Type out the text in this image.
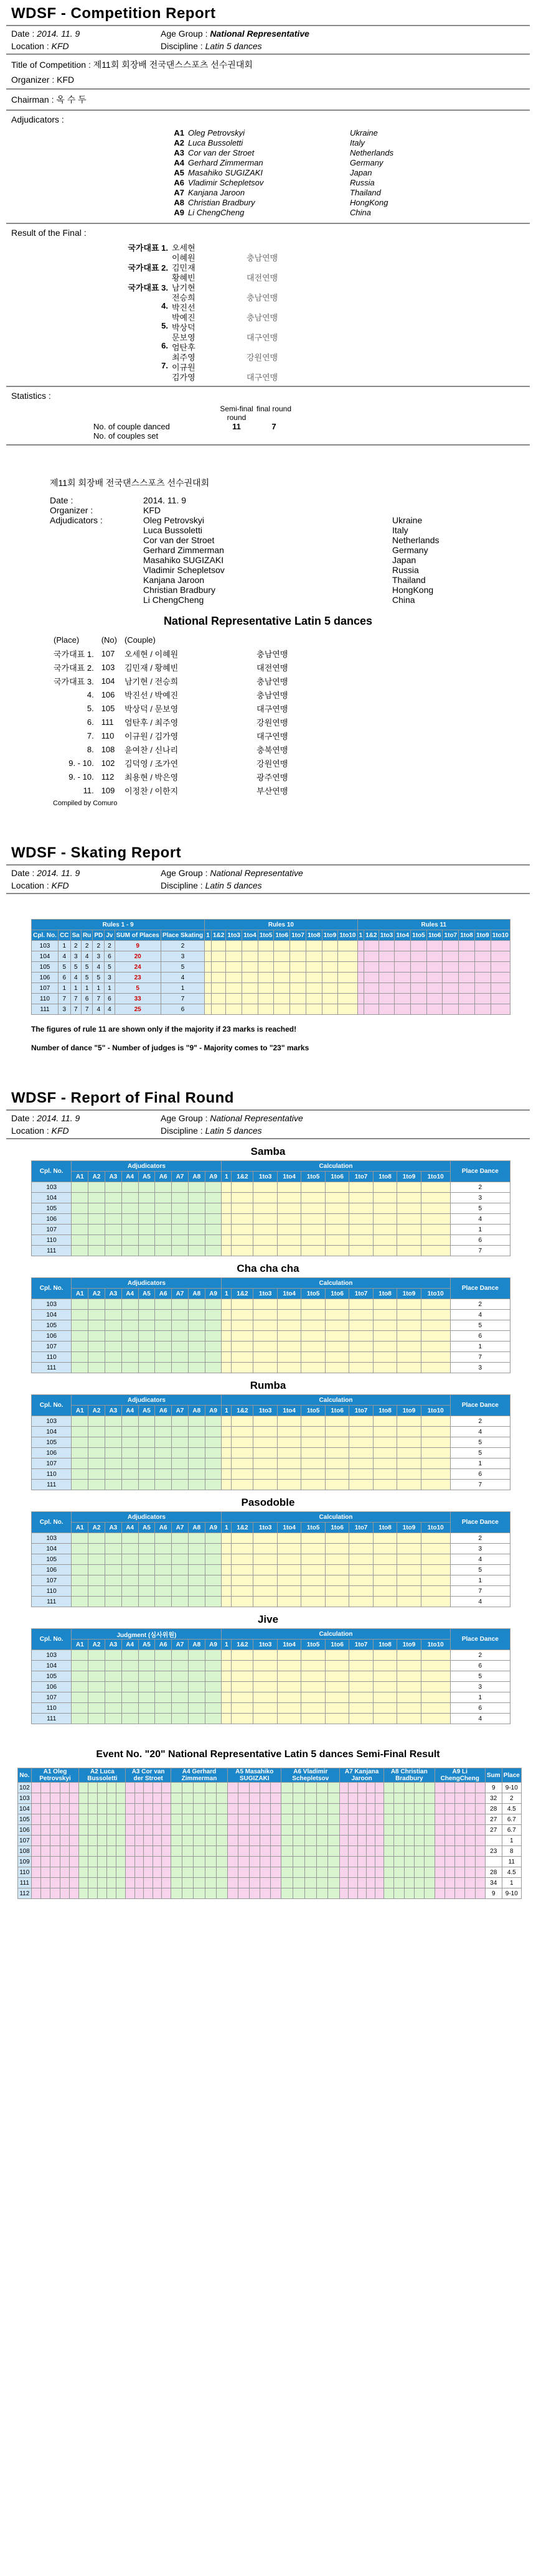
WDSF - Competition Report
Date : 2014. 11. 9	Age Group : National Representative
Location : KFD	Discipline : Latin 5 dances
Title of Competition : 제11회 회장배 전국댄스스포츠 선수권대회
Organizer : KFD
Chairman : 옥 수 두
Adjudicators :
A1 Oleg Petrovskyi	Ukraine
A2 Luca Bussoletti	Italy
A3 Cor van der Stroet	Netherlands
A4 Gerhard Zimmerman	Germany
A5 Masahiko SUGIZAKI	Japan
A6 Vladimir Schepletsov	Russia
A7 Kanjana Jaroon	Thailand
A8 Christian Bradbury	HongKong
A9 Li ChengCheng	China
Result of the Final :
국가대표 1. 오세현
이혜원	충남연맹
국가대표 2. 김민재
황혜빈	대전연맹
국가대표 3. 남기현
전승희	충남연맹
4. 박진선
박예진	충남연맹
5. 박상덕
문보영	대구연맹
6. 엄탄후
최주영	강원연맹
7. 이규원
김가영	대구연맹
Statistics :
Semi-final round
final round
No. of couple danced	11	7
No. of couples set
제11회 회장배 전국댄스스포츠 선수권대회
Date :	2014. 11. 9
Organizer :	KFD
Adjudicators :	Oleg Petrovskyi	Ukraine
Luca Bussoletti	Italy
Cor van der Stroet	Netherlands
Gerhard Zimmerman	Germany
Masahiko SUGIZAKI	Japan
Vladimir Schepletsov	Russia
Kanjana Jaroon	Thailand
Christian Bradbury	HongKong
Li ChengCheng	China
National Representative Latin 5 dances
(Place)	(No)	(Couple)	
국가대표 1.	107	오세현 / 이혜원	충남연맹
국가대표 2.	103	김민재 / 황혜빈	대전연맹
국가대표 3.	104	남기현 / 전승희	충남연맹
4.	106	박진선 / 박예진	충남연맹
5.	105	박상덕 / 문보영	대구연맹
6.	111	엄탄후 / 최주영	강원연맹
7.	110	이규원 / 김가영	대구연맹
8.	108	윤여찬 / 신나리	충북연맹
9. - 10.	102	김덕영 / 조가연	강원연맹
9. - 10.	112	최용현 / 박은영	광주연맹
11.	109	이정찬 / 이한지	부산연맹
Compiled by Comuro
WDSF - Skating Report
Date : 2014. 11. 9	Age Group : National Representative
Location : KFD	Discipline : Latin 5 dances
Rules 1 - 9								Rules 10										Rules 11									
Cpl. No.	CC	Sa	Ru	PD	Jv	SUM of Places	Place Skating	1	1&2	1to3	1to4	1to5	1to6	1to7	1to8	1to9	1to10	1	1&2	1to3	1to4	1to5	1to6	1to7	1to8	1to9	1to10
103	1	2	2	2	2	9	2																				
104	4	3	4	3	6	20	3																				
105	5	5	5	4	5	24	5																				
106	6	4	5	5	3	23	4																				
107	1	1	1	1	1	5	1																				
110	7	7	6	7	6	33	7																				
111	3	7	7	4	4	25	6																				
The figures of rule 11 are shown only if the majority if 23 marks is reached!
Number of dance "5" - Number of judges is "9" - Majority comes to "23" marks
WDSF - Report of Final Round
Date : 2014. 11. 9	Age Group : National Representative
Location : KFD	Discipline : Latin 5 dances
Samba
Cpl. No.	Adjudicators									Calculation										Place Dance
	A1	A2	A3	A4	A5	A6	A7	A8	A9	1	1&2	1to3	1to4	1to5	1to6	1to7	1to8	1to9	1to10	
103																				2
104																				3
105																				5
106																				4
107																				1
110																				6
111																				7
Cha cha cha
Cpl. No.	Adjudicators									Calculation										Place Dance
	A1	A2	A3	A4	A5	A6	A7	A8	A9	1	1&2	1to3	1to4	1to5	1to6	1to7	1to8	1to9	1to10	
103																				2
104																				4
105																				5
106																				6
107																				1
110																				7
111																				3
Rumba
Cpl. No.	Adjudicators									Calculation										Place Dance
	A1	A2	A3	A4	A5	A6	A7	A8	A9	1	1&2	1to3	1to4	1to5	1to6	1to7	1to8	1to9	1to10	
103																				2
104																				4
105																				5
106																				5
107																				1
110																				6
111																				7
Pasodoble
Cpl. No.	Adjudicators									Calculation										Place Dance
	A1	A2	A3	A4	A5	A6	A7	A8	A9	1	1&2	1to3	1to4	1to5	1to6	1to7	1to8	1to9	1to10	
103																				2
104																				3
105																				4
106																				5
107																				1
110																				7
111																				4
Jive
Cpl. No.	Judgment (심사위원)									Calculation										Place Dance
	A1	A2	A3	A4	A5	A6	A7	A8	A9	1	1&2	1to3	1to4	1to5	1to6	1to7	1to8	1to9	1to10	
103																				2
104																				6
105																				5
106																				3
107																				1
110																				6
111																				4
Event No. "20" National Representative Latin 5 dances Semi-Final Result
No.	A1 Oleg Petrovskyi					A2 Luca Bussoletti					A3 Cor van der Stroet					A4 Gerhard Zimmerman					A5 Masahiko SUGIZAKI					A6 Vladimir Schepletsov					A7 Kanjana Jaroon					A8 Christian Bradbury					A9 Li ChengCheng					Sum	Place
102																																														9	9-10
103																																														32	2
104																																														28	4.5
105																																														27	6.7
106																																														27	6.7
107																																															1
108																																														23	8
109																																															11
110																																														28	4.5
111																																														34	1
112																																														9	9-10
